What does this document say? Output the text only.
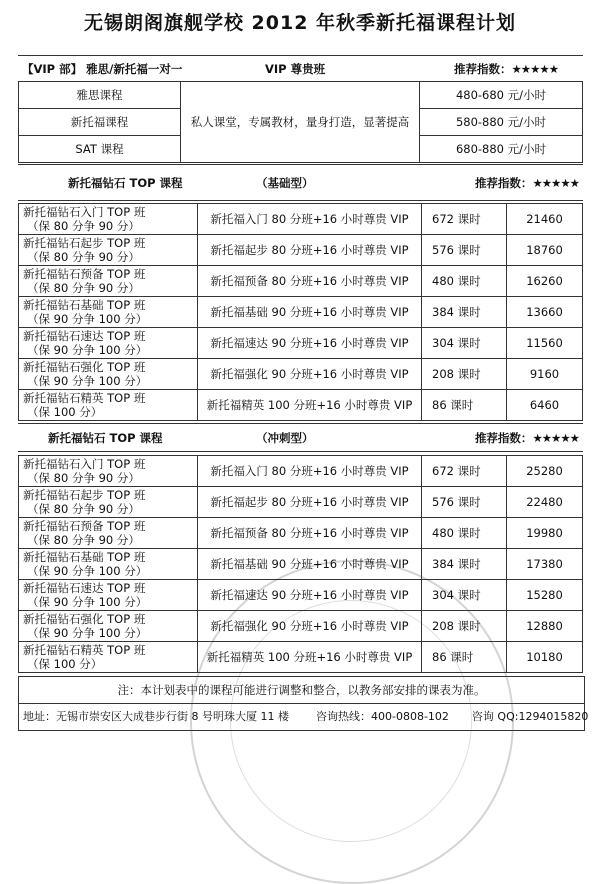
无锡朗阁旗舰学校 2012 年秋季新托福课程计划
【VIP 部】 雅思/新托福一对一	VIP 尊贵班	推荐指数：★★★★★
雅思课程	私人课堂，专属教材，量身打造，显著提高	480-680 元/小时
新托福课程		580-880 元/小时
SAT 课程		680-880 元/小时
新托福钻石 TOP 课程	（基础型）	推荐指数：★★★★★
新托福钻石入门 TOP 班
（保 80 分争 90 分）	新托福入门 80 分班+16 小时尊贵 VIP	672 课时	21460

新托福钻石起步 TOP 班
（保 80 分争 90 分）	新托福起步 80 分班+16 小时尊贵 VIP	576 课时	18760

新托福钻石预备 TOP 班
（保 80 分争 90 分）	新托福预备 80 分班+16 小时尊贵 VIP	480 课时	16260

新托福钻石基础 TOP 班
（保 90 分争 100 分）	新托福基础 90 分班+16 小时尊贵 VIP	384 课时	13660

新托福钻石速达 TOP 班
（保 90 分争 100 分）	新托福速达 90 分班+16 小时尊贵 VIP	304 课时	11560

新托福钻石强化 TOP 班
（保 90 分争 100 分）	新托福强化 90 分班+16 小时尊贵 VIP	208 课时	9160

新托福钻石精英 TOP 班
（保 100 分）	新托福精英 100 分班+16 小时尊贵 VIP	86 课时	6460
新托福钻石 TOP 课程	（冲刺型）	推荐指数：★★★★★
新托福钻石入门 TOP 班
（保 80 分争 90 分）	新托福入门 80 分班+16 小时尊贵 VIP	672 课时	25280

新托福钻石起步 TOP 班
（保 80 分争 90 分）	新托福起步 80 分班+16 小时尊贵 VIP	576 课时	22480

新托福钻石预备 TOP 班
（保 80 分争 90 分）	新托福预备 80 分班+16 小时尊贵 VIP	480 课时	19980

新托福钻石基础 TOP 班
（保 90 分争 100 分）	新托福基础 90 分班+16 小时尊贵 VIP	384 课时	17380

新托福钻石速达 TOP 班
（保 90 分争 100 分）	新托福速达 90 分班+16 小时尊贵 VIP	304 课时	15280

新托福钻石强化 TOP 班
（保 90 分争 100 分）	新托福强化 90 分班+16 小时尊贵 VIP	208 课时	12880

新托福钻石精英 TOP 班
（保 100 分）	新托福精英 100 分班+16 小时尊贵 VIP	86 课时	10180
注：本计划表中的课程可能进行调整和整合，以教务部安排的课表为准。
地址：无锡市崇安区大成巷步行街 8 号明珠大厦 11 楼 咨询热线：400-0808-102 咨询 QQ:1294015820
